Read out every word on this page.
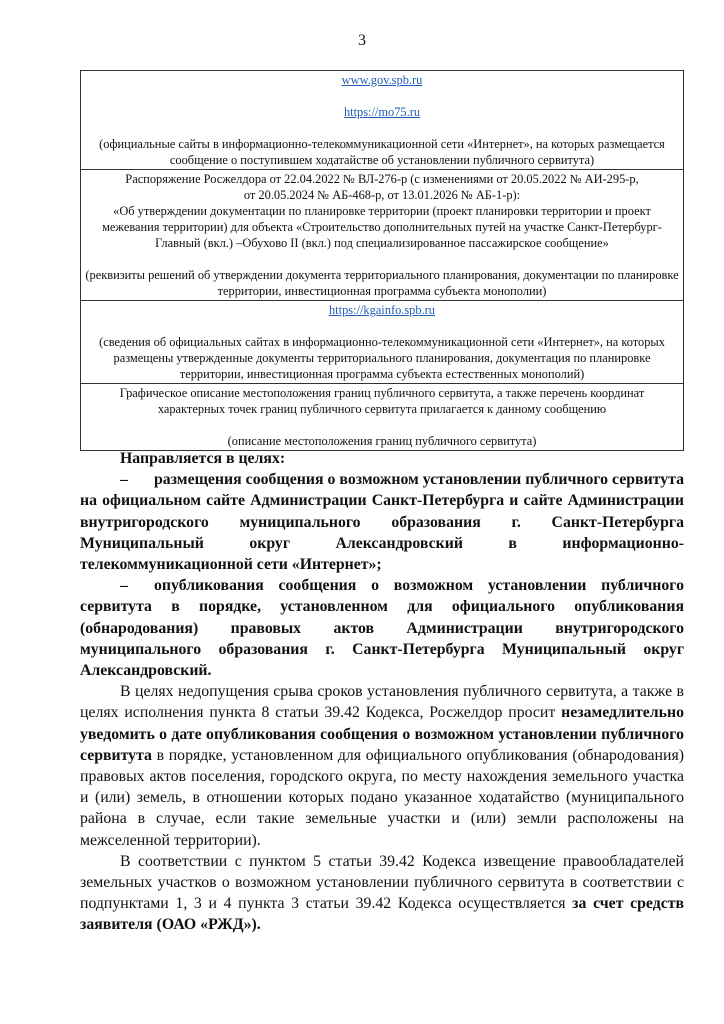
3
www.gov.spb.ru
https://mo75.ru
(официальные сайты в информационно-телекоммуникационной сети «Интернет», на которых размещается сообщение о поступившем ходатайстве об установлении публичного сервитута)

Распоряжение Росжелдора от 22.04.2022 № ВЛ-276-р (с изменениями от 20.05.2022 № АИ-295-р,
от 20.05.2024 № АБ-468-р, от 13.01.2026 № АБ-1-р):
«Об утверждении документации по планировке территории (проект планировки территории и проект межевания территории) для объекта «Строительство дополнительных путей на участке Санкт-Петербург-Главный (вкл.) –Обухово II (вкл.) под специализированное пассажирское сообщение»
(реквизиты решений об утверждении документа территориального планирования, документации по планировке территории, инвестиционная программа субъекта монополии)

https://kgainfo.spb.ru
(сведения об официальных сайтах в информационно-телекоммуникационной сети «Интернет», на которых размещены утвержденные документы территориального планирования, документация по планировке территории, инвестиционная программа субъекта естественных монополий)

Графическое описание местоположения границ публичного сервитута, а также перечень координат характерных точек границ публичного сервитута прилагается к данному сообщению
(описание местоположения границ публичного сервитута)

Направляется в целях:

– размещения сообщения о возможном установлении публичного сервитута на официальном сайте Администрации Санкт-Петербурга и сайте Администрации внутригородского муниципального образования г. Санкт-Петербурга Муниципальный округ Александровский в информационно-телекоммуникационной сети «Интернет»;

– опубликования сообщения о возможном установлении публичного сервитута в порядке, установленном для официального опубликования (обнародования) правовых актов Администрации внутригородского муниципального образования г. Санкт-Петербурга Муниципальный округ Александровский.

В целях недопущения срыва сроков установления публичного сервитута, а также в целях исполнения пункта 8 статьи 39.42 Кодекса, Росжелдор просит незамедлительно уведомить о дате опубликования сообщения о возможном установлении публичного сервитута в порядке, установленном для официального опубликования (обнародования) правовых актов поселения, городского округа, по месту нахождения земельного участка и (или) земель, в отношении которых подано указанное ходатайство (муниципального района в случае, если такие земельные участки и (или) земли расположены на межселенной территории).

В соответствии с пунктом 5 статьи 39.42 Кодекса извещение правообладателей земельных участков о возможном установлении публичного сервитута в соответствии с подпунктами 1, 3 и 4 пункта 3 статьи 39.42 Кодекса осуществляется за счет средств заявителя (ОАО «РЖД»).
